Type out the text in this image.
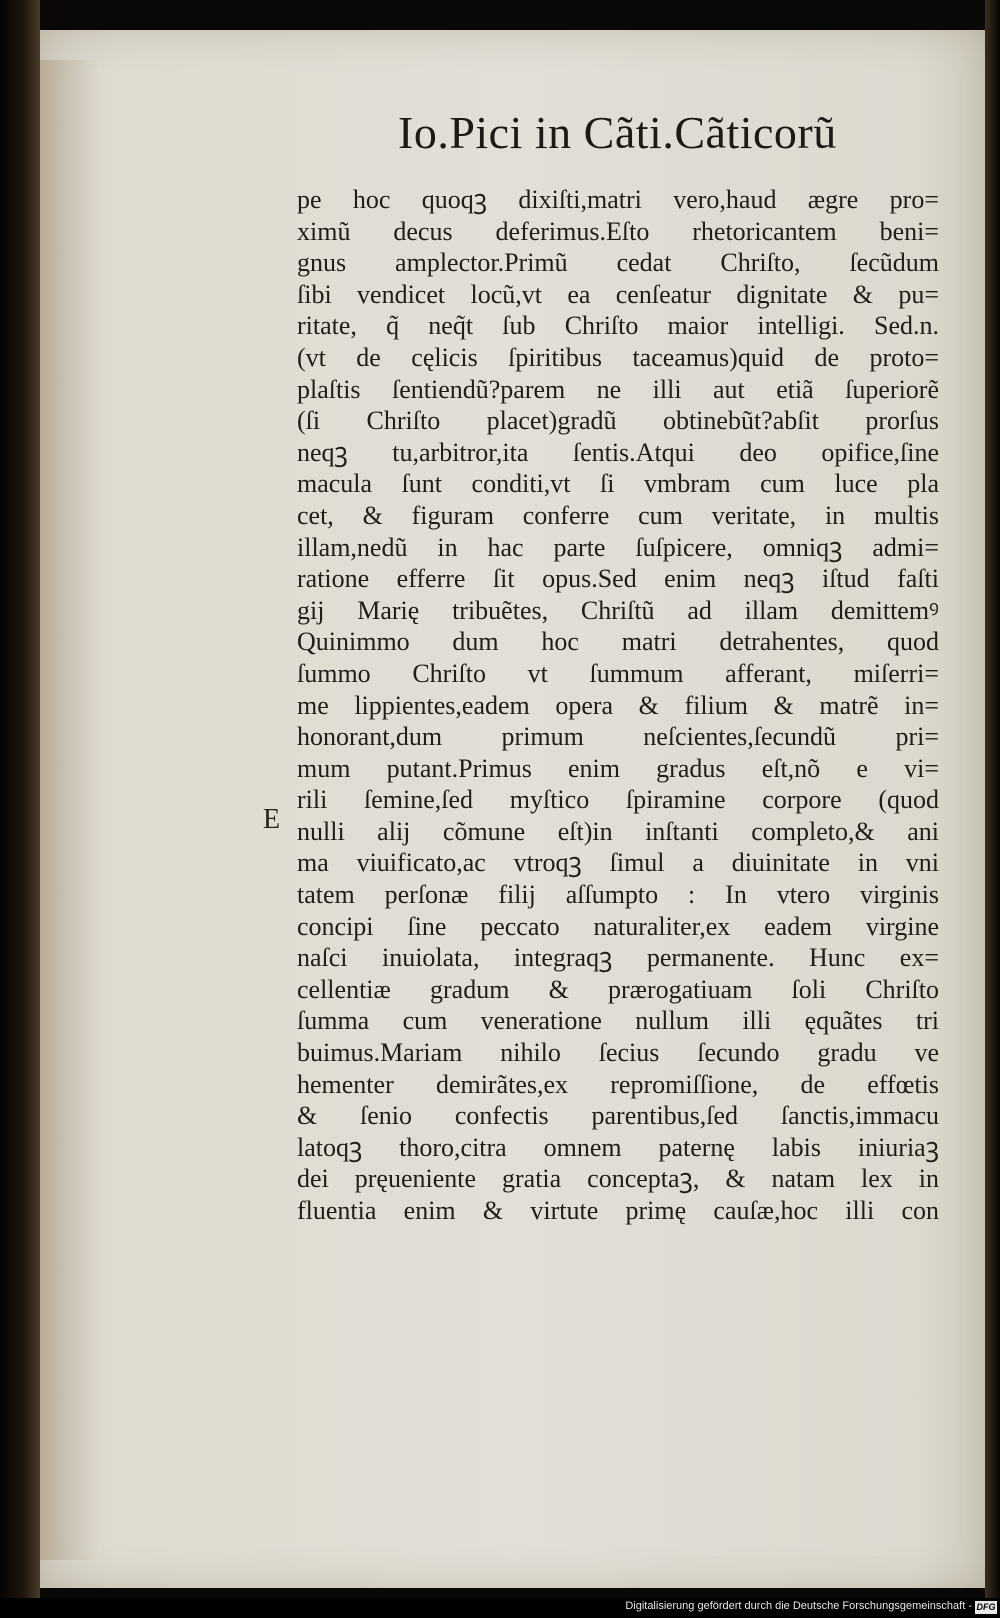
Io.Pici in Cãti.Cãticorũ
pe hoc quoqꝫ dixiſti,matri vero,haud ægre pro=
ximũ decus deferimus.Eſto rhetoricantem beni=
gnus amplector.Primũ cedat Chriſto, ſecũdum
ſibi vendicet locũ,vt ea cenſeatur dignitate & pu=
ritate, q̃ neq̃t ſub Chriſto maior intelligi. Sed.n.
(vt de cęlicis ſpiritibus taceamus)quid de proto=
plaſtis ſentiendũ?parem ne illi aut etiã ſuperiorẽ
(ſi Chriſto placet)gradũ obtinebũt?abſit prorſus
neqꝫ tu,arbitror,ita ſentis.Atqui deo opifice,ſine
macula ſunt conditi,vt ſi vmbram cum luce pla
cet, & figuram conferre cum veritate, in multis
illam,nedũ in hac parte ſuſpicere, omniqꝫ admi=
ratione efferre ſit opus.Sed enim neqꝫ iſtud faſti
gij Marię tribuẽtes, Chriſtũ ad illam demittemꝰ
Quinimmo dum hoc matri detrahentes, quod
ſummo Chriſto vt ſummum afferant, miſerri=
me lippientes,eadem opera & filium & matrẽ in=
honorant,dum primum neſcientes,ſecundũ pri=
mum putant.Primus enim gradus eſt,nõ e vi=
rili ſemine,ſed myſtico ſpiramine corpore (quod
nulli alij cõmune eſt)in inſtanti completo,& ani
ma viuificato,ac vtroqꝫ ſimul a diuinitate in vni
tatem perſonæ filij aſſumpto : In vtero virginis
concipi ſine peccato naturaliter,ex eadem virgine
naſci inuiolata, integraqꝫ permanente. Hunc ex=
cellentiæ gradum & prærogatiuam ſoli Chriſto
ſumma cum veneratione nullum illi ęquãtes tri
buimus.Mariam nihilo ſecius ſecundo gradu ve
hementer demirãtes,ex repromiſſione, de effœtis
& ſenio confectis parentibus,ſed ſanctis,immacu
latoqꝫ thoro,citra omnem paternę labis iniuriaꝫ
dei pręueniente gratia conceptaꝫ, & natam lex in
fluentia enim & virtute primę cauſæ,hoc illi con
E
Digitalisierung gefördert durch die Deutsche Forschungsgemeinschaft - DFG
